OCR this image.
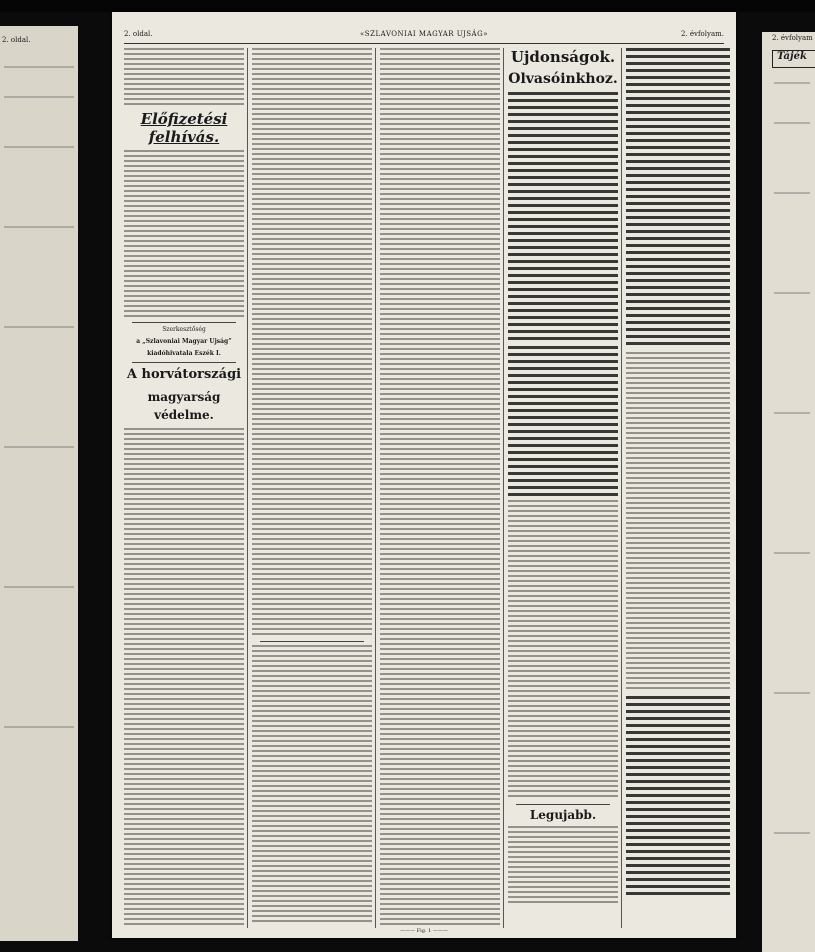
2. oldal.	2. évfolyam
Tájék
2. oldal.	«SZLAVONIAI MAGYAR UJSÁG»	2. évfolyam.
Előfizetési felhívás.
Szerkesztőség
a „Szlavoniai Magyar Ujság”
kiadóhivatala Eszék I.
A horvátországi
magyarság védelme.
Ujdonságok.
Olvasóinkhoz.
Legujabb.
——— Fig. 1 ———
